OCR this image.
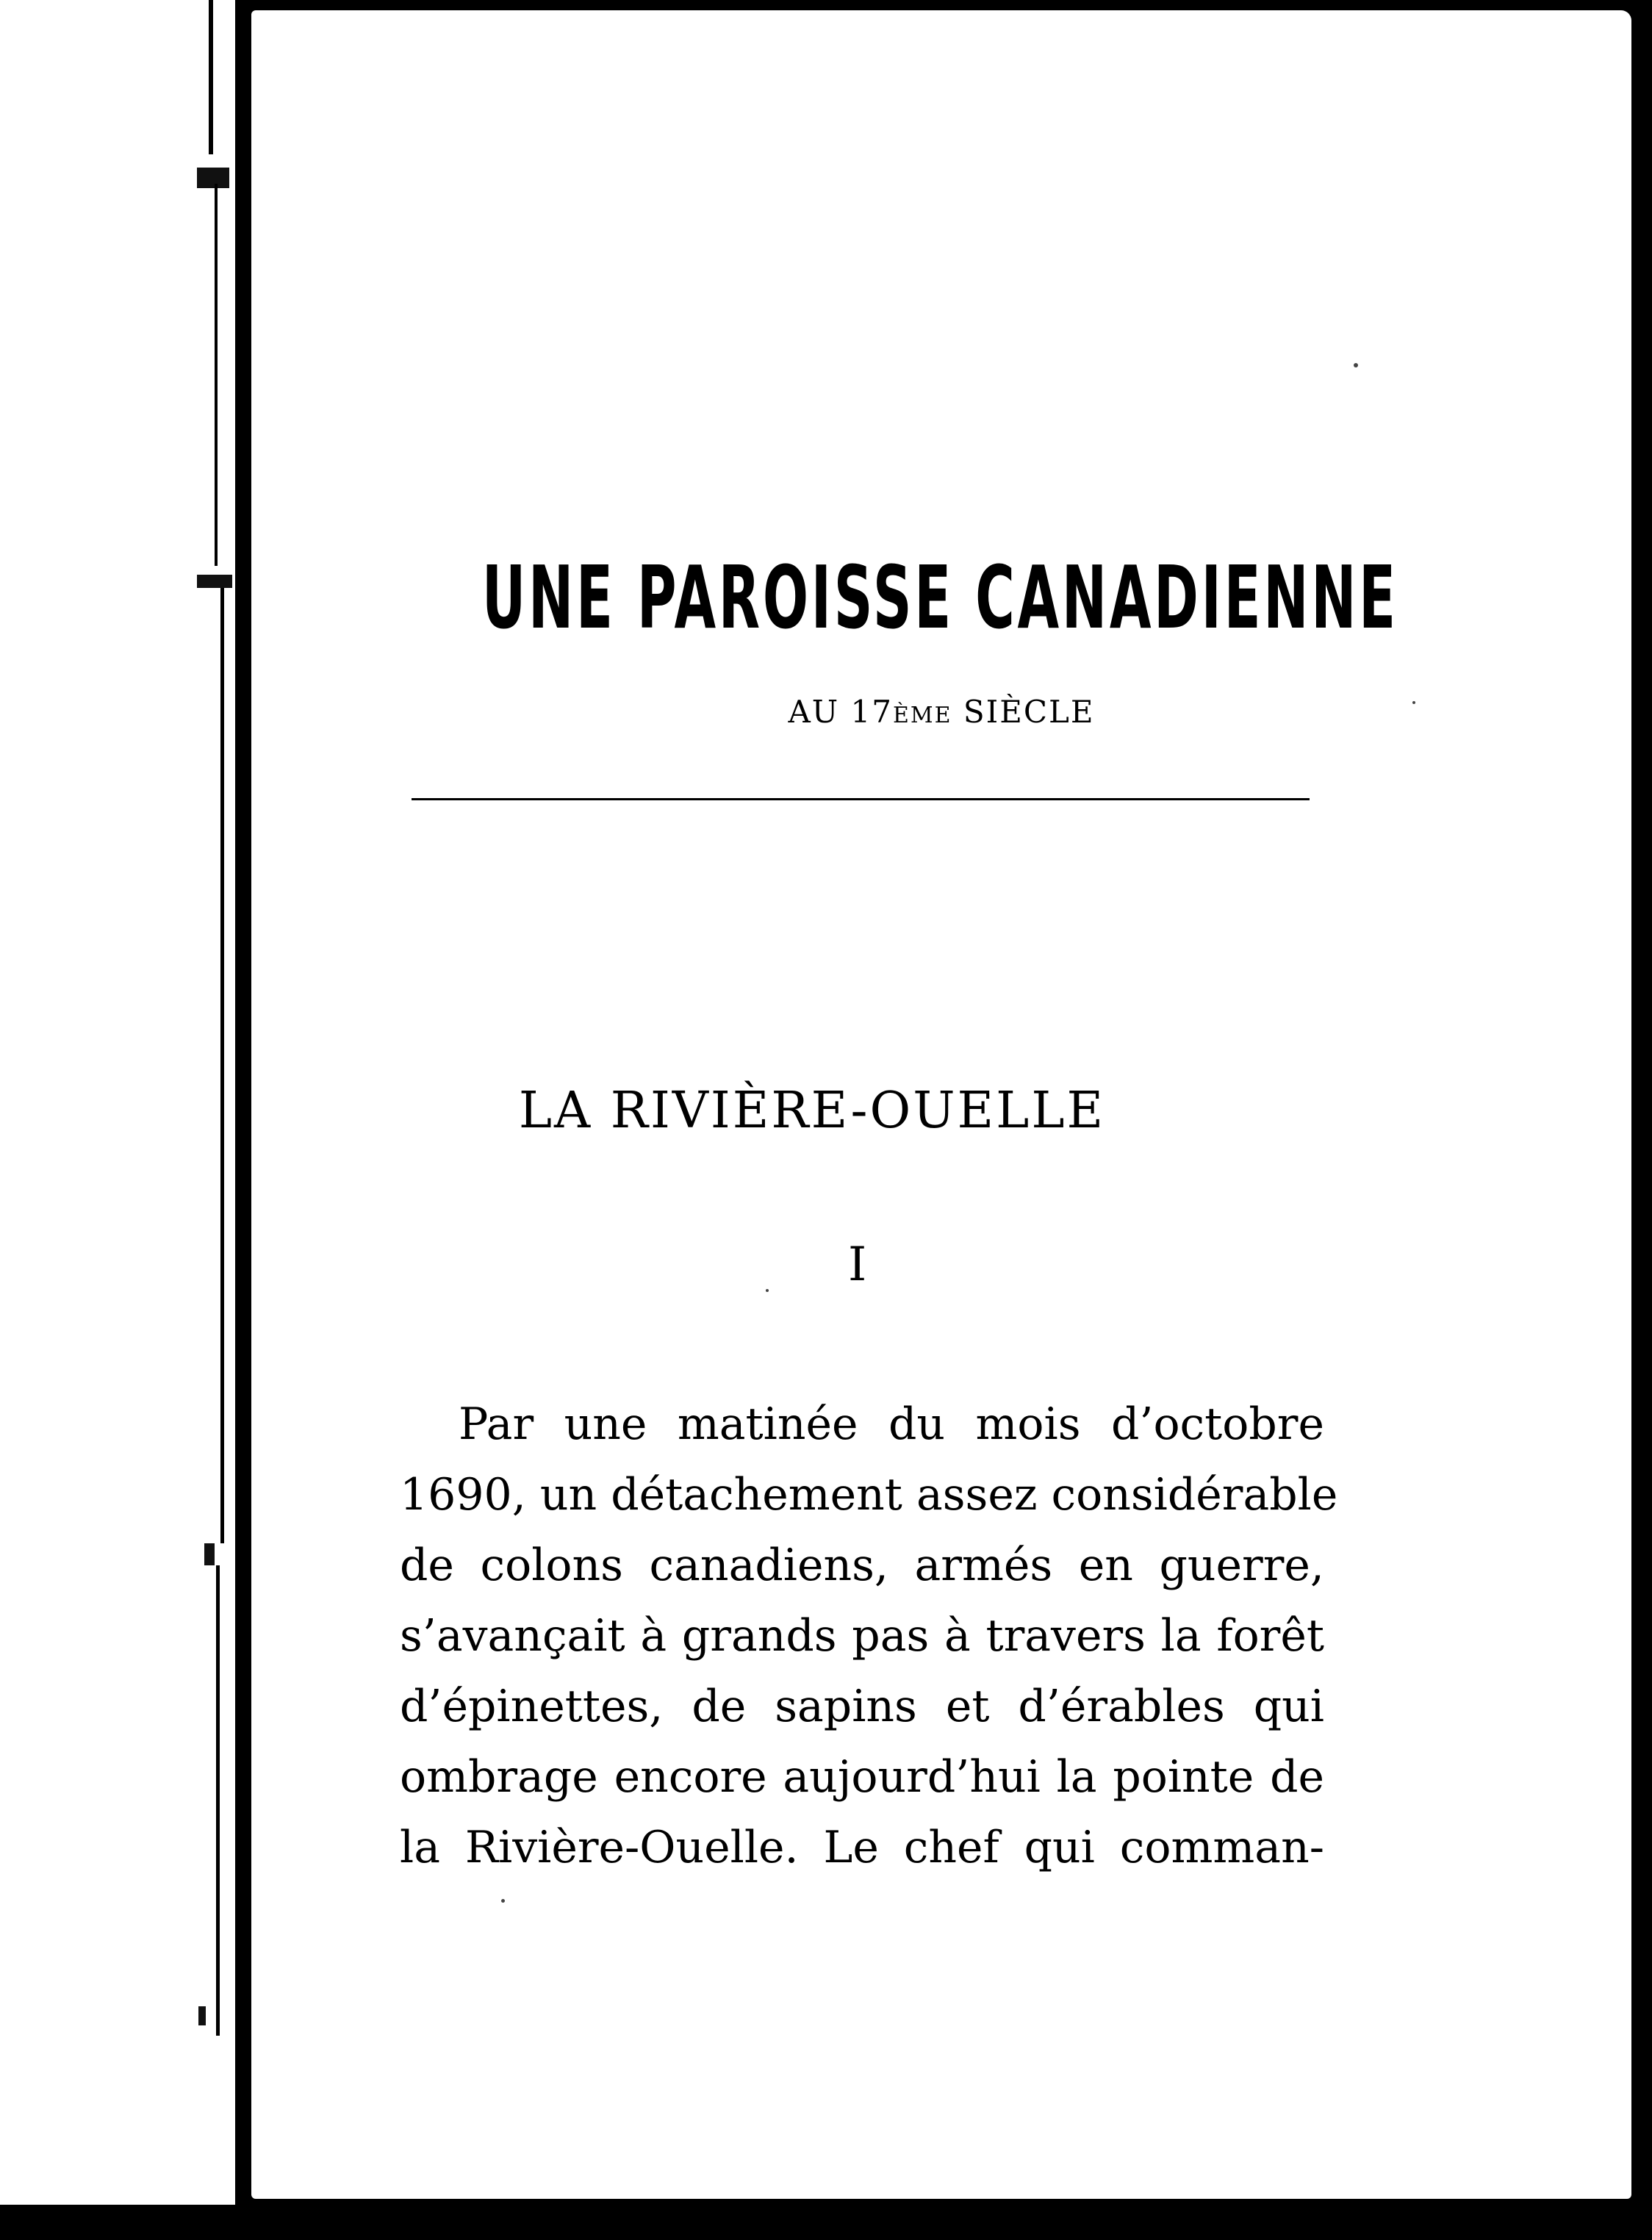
UNE PAROISSE CANADIENNE
AU 17ÈME SIÈCLE
LA RIVIÈRE-OUELLE
I
Par une matinée du mois d’octobre
1690, un détachement assez considérable
de colons canadiens, armés en guerre,
s’avançait à grands pas à travers la forêt
d’épinettes, de sapins et d’érables qui
ombrage encore aujourd’hui la pointe de
la Rivière-Ouelle. Le chef qui comman-
